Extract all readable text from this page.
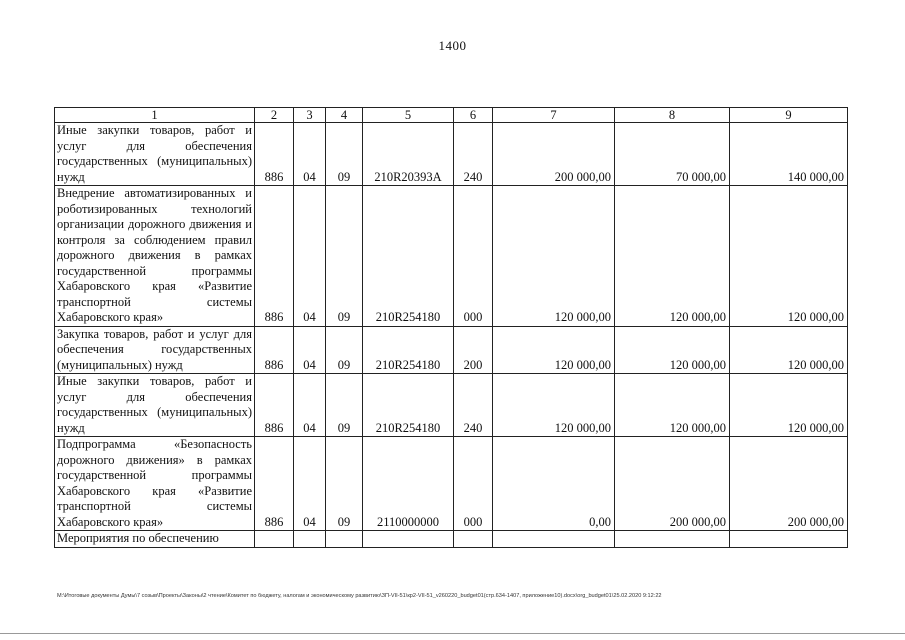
1400
1	2	3	4	5	6	7	8	9
Иные закупки товаров, работ и услуг для обеспечения государственных (муниципальных) нужд	886	04	09	210R20393A	240	200 000,00	70 000,00	140 000,00
Внедрение автоматизированных и роботизированных технологий организации дорожного движения и контроля за соблюдением правил дорожного движения в рамках государственной программы Хабаровского края «Развитие транспортной системы Хабаровского края»	886	04	09	210R254180	000	120 000,00	120 000,00	120 000,00
Закупка товаров, работ и услуг для обеспечения государственных (муниципальных) нужд	886	04	09	210R254180	200	120 000,00	120 000,00	120 000,00
Иные закупки товаров, работ и услуг для обеспечения государственных (муниципальных) нужд	886	04	09	210R254180	240	120 000,00	120 000,00	120 000,00
Подпрограмма «Безопасность дорожного движения» в рамках государственной программы Хабаровского края «Развитие транспортной системы Хабаровского края»	886	04	09	2110000000	000	0,00	200 000,00	200 000,00
Мероприятия по обеспечению								
M:\Итоговые документы Думы\7 созыв\Проекты\Законы\2 чтение\Комитет по бюджету, налогам и экономическому развитию\ЗП-VII-51\кр2-VII-51_v260220_budget01(стр.634-1407, приложение10).docx\org_budget01\25.02.2020 9:12:22
